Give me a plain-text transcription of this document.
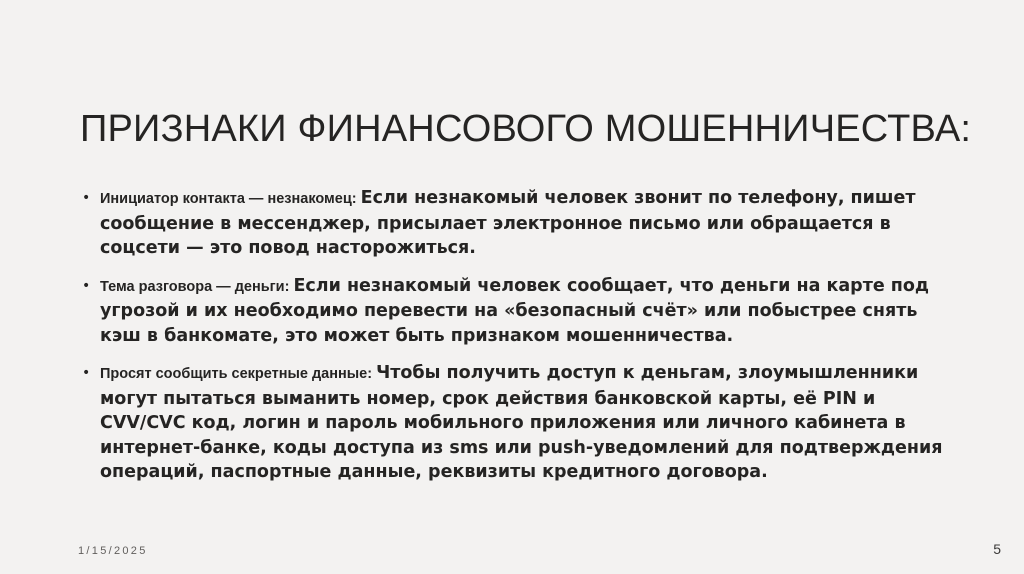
ПРИЗНАКИ ФИНАНСОВОГО МОШЕННИЧЕСТВА:
• Инициатор контакта — незнакомец: Если незнакомый человек звонит по телефону, пишет сообщение в мессенджер, присылает электронное письмо или обращается в соцсети — это повод насторожиться.
• Тема разговора — деньги: Если незнакомый человек сообщает, что деньги на карте под угрозой и их необходимо перевести на «безопасный счёт» или побыстрее снять кэш в банкомате, это может быть признаком мошенничества.
• Просят сообщить секретные данные: Чтобы получить доступ к деньгам, злоумышленники могут пытаться выманить номер, срок действия банковской карты, её PIN и CVV/CVC код, логин и пароль мобильного приложения или личного кабинета в интернет-банке, коды доступа из sms или push-уведомлений для подтверждения операций, паспортные данные, реквизиты кредитного договора.
1/15/2025	5
